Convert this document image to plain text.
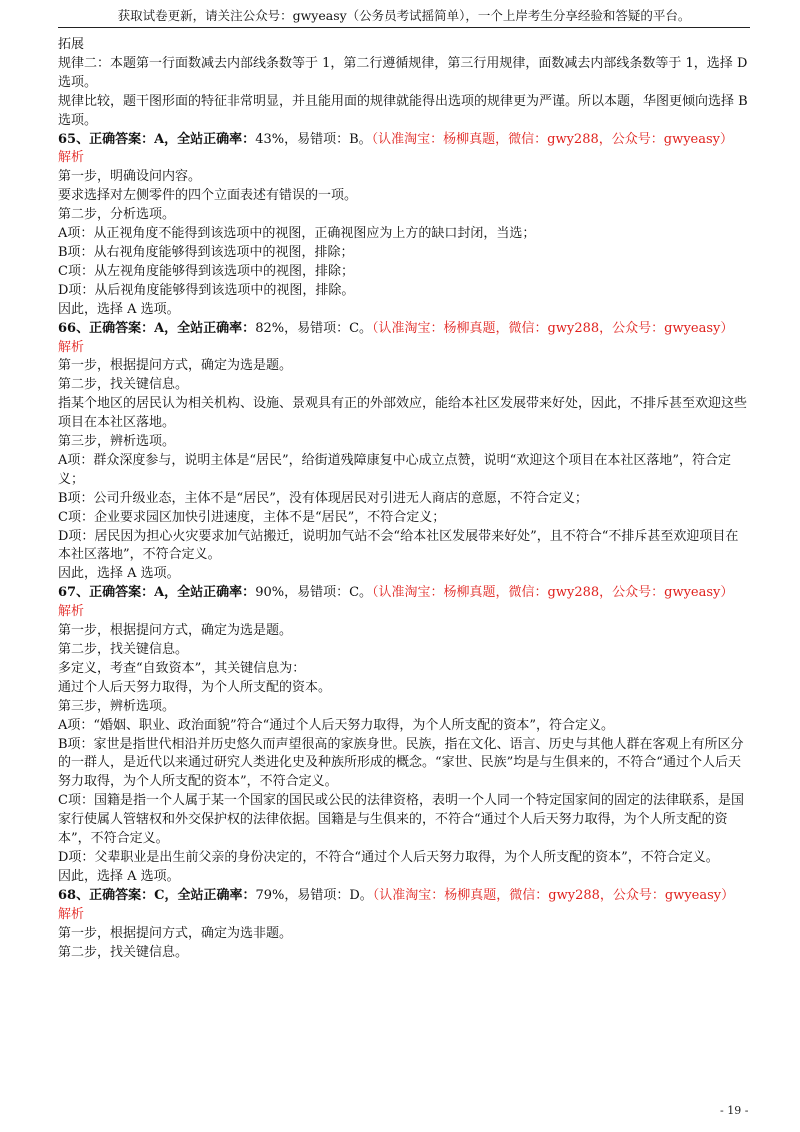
获取试卷更新，请关注公众号：gwyeasy（公务员考试摇简单），一个上岸考生分享经验和答疑的平台。

拓展

规律二：本题第一行面数减去内部线条数等于 1，第二行遵循规律，第三行用规律，面数减去内部线条数等于 1，选择 D 选项。

规律比较，题干图形面的特征非常明显，并且能用面的规律就能得出选项的规律更为严谨。所以本题，华图更倾向选择 B 选项。

65、正确答案：A，全站正确率：43%，易错项：B。（认准淘宝：杨柳真题，微信：gwy288，公众号：gwyeasy）

解析

第一步，明确设问内容。

要求选择对左侧零件的四个立面表述有错误的一项。

第二步，分析选项。

A项：从正视角度不能得到该选项中的视图，正确视图应为上方的缺口封闭，当选；

B项：从右视角度能够得到该选项中的视图，排除；

C项：从左视角度能够得到该选项中的视图，排除；

D项：从后视角度能够得到该选项中的视图，排除。

因此，选择 A 选项。

66、正确答案：A，全站正确率：82%，易错项：C。（认准淘宝：杨柳真题，微信：gwy288，公众号：gwyeasy）

解析

第一步，根据提问方式，确定为选是题。

第二步，找关键信息。

指某个地区的居民认为相关机构、设施、景观具有正的外部效应，能给本社区发展带来好处，因此，不排斥甚至欢迎这些项目在本社区落地。

第三步，辨析选项。

A项：群众深度参与，说明主体是“居民”，给街道残障康复中心成立点赞，说明“欢迎这个项目在本社区落地”，符合定义；

B项：公司升级业态，主体不是“居民”，没有体现居民对引进无人商店的意愿，不符合定义；

C项：企业要求园区加快引进速度，主体不是“居民”，不符合定义；

D项：居民因为担心火灾要求加气站搬迁，说明加气站不会“给本社区发展带来好处”，且不符合“不排斥甚至欢迎项目在本社区落地”，不符合定义。

因此，选择 A 选项。

67、正确答案：A，全站正确率：90%，易错项：C。（认准淘宝：杨柳真题，微信：gwy288，公众号：gwyeasy）

解析

第一步，根据提问方式，确定为选是题。

第二步，找关键信息。

多定义，考查“自致资本”，其关键信息为：

通过个人后天努力取得，为个人所支配的资本。

第三步，辨析选项。

A项：“婚姻、职业、政治面貌”符合“通过个人后天努力取得，为个人所支配的资本”，符合定义。

B项：家世是指世代相沿并历史悠久而声望很高的家族身世。民族，指在文化、语言、历史与其他人群在客观上有所区分的一群人，是近代以来通过研究人类进化史及种族所形成的概念。“家世、民族”均是与生俱来的，不符合“通过个人后天努力取得，为个人所支配的资本”，不符合定义。

C项：国籍是指一个人属于某一个国家的国民或公民的法律资格，表明一个人同一个特定国家间的固定的法律联系，是国家行使属人管辖权和外交保护权的法律依据。国籍是与生俱来的，不符合“通过个人后天努力取得，为个人所支配的资本”，不符合定义。

D项：父辈职业是出生前父亲的身份决定的，不符合“通过个人后天努力取得，为个人所支配的资本”，不符合定义。

因此，选择 A 选项。

68、正确答案：C，全站正确率：79%，易错项：D。（认准淘宝：杨柳真题，微信：gwy288，公众号：gwyeasy）

解析

第一步，根据提问方式，确定为选非题。

第二步，找关键信息。

- 19 -
